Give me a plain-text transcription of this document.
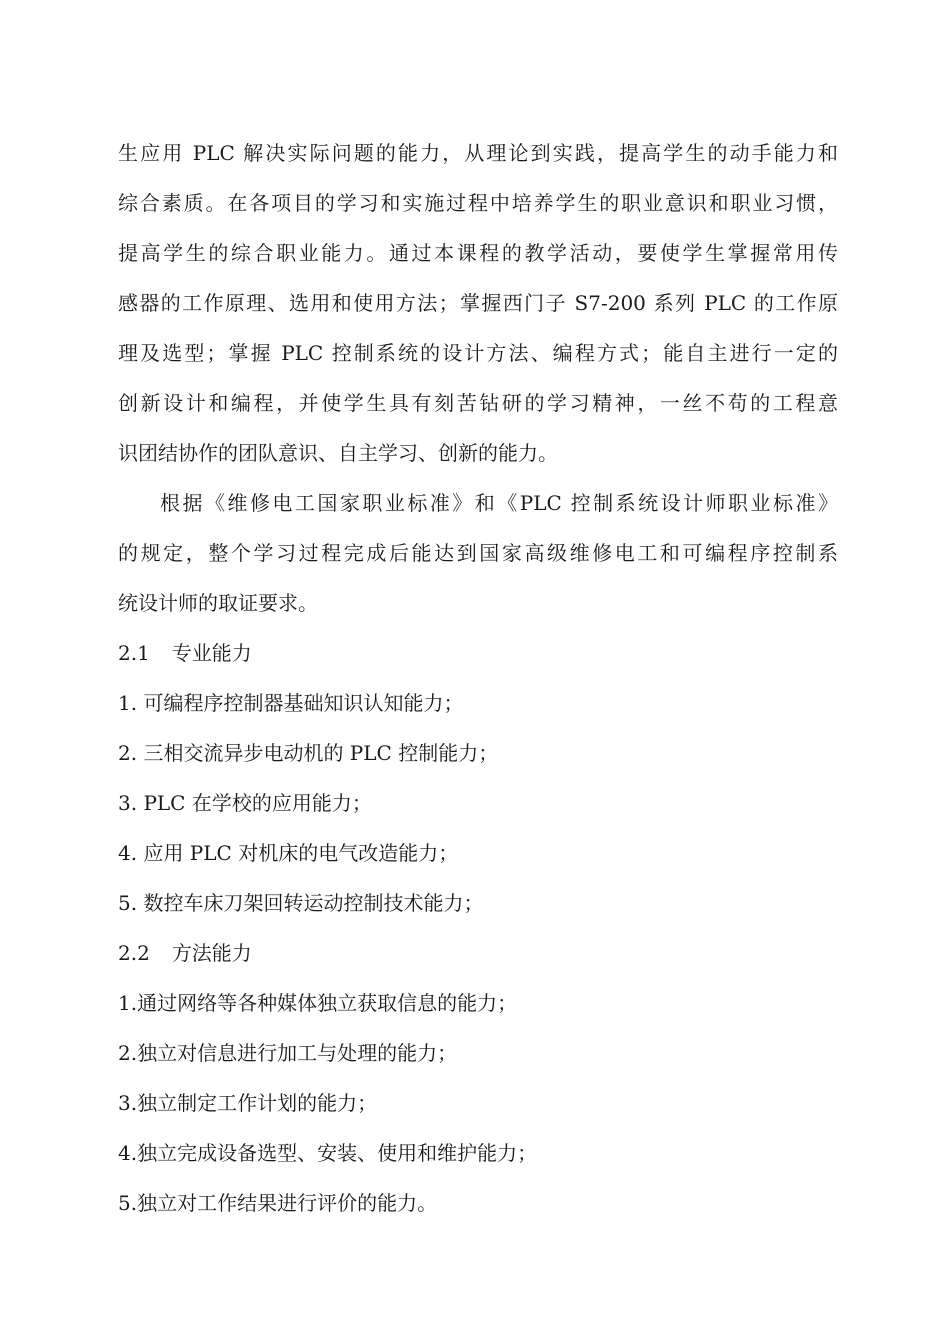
生应用 PLC 解决实际问题的能力，从理论到实践，提高学生的动手能力和
综合素质。在各项目的学习和实施过程中培养学生的职业意识和职业习惯，
提高学生的综合职业能力。通过本课程的教学活动，要使学生掌握常用传
感器的工作原理、选用和使用方法；掌握西门子 S7-200 系列 PLC 的工作原
理及选型；掌握 PLC 控制系统的设计方法、编程方式；能自主进行一定的
创新设计和编程，并使学生具有刻苦钻研的学习精神，一丝不苟的工程意
识团结协作的团队意识、自主学习、创新的能力。
根据《维修电工国家职业标准》和《PLC 控制系统设计师职业标准》
的规定，整个学习过程完成后能达到国家高级维修电工和可编程序控制系
统设计师的取证要求。
2.1 专业能力
1. 可编程序控制器基础知识认知能力；
2. 三相交流异步电动机的 PLC 控制能力；
3. PLC 在学校的应用能力；
4. 应用 PLC 对机床的电气改造能力；
5. 数控车床刀架回转运动控制技术能力；
2.2 方法能力
1.通过网络等各种媒体独立获取信息的能力；
2.独立对信息进行加工与处理的能力；
3.独立制定工作计划的能力；
4.独立完成设备选型、安装、使用和维护能力；
5.独立对工作结果进行评价的能力。
